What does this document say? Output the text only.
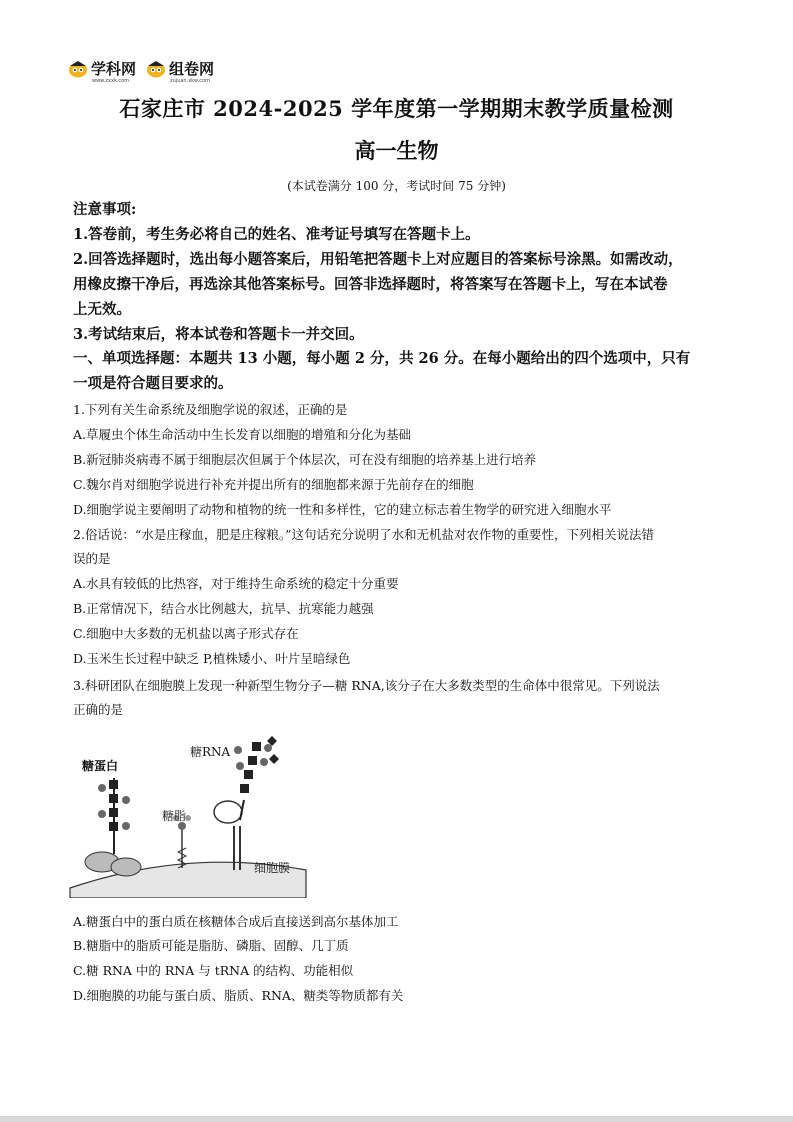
学科网
www.zxxk.com
组卷网
zujuan.xkw.com
石家庄市 2024-2025 学年度第一学期期末教学质量检测
高一生物
(本试卷满分 100 分，考试时间 75 分钟)
注意事项:
1.答卷前，考生务必将自己的姓名、准考证号填写在答题卡上。
2.回答选择题时，选出每小题答案后，用铅笔把答题卡上对应题目的答案标号涂黑。如需改动，
用橡皮擦干净后，再选涂其他答案标号。回答非选择题时，将答案写在答题卡上，写在本试卷
上无效。
3.考试结束后，将本试卷和答题卡一并交回。
一、单项选择题：本题共 13 小题，每小题 2 分，共 26 分。在每小题给出的四个选项中，只有
一项是符合题目要求的。
1.下列有关生命系统及细胞学说的叙述，正确的是
A.草履虫个体生命活动中生长发育以细胞的增殖和分化为基础
B.新冠肺炎病毒不属于细胞层次但属于个体层次，可在没有细胞的培养基上进行培养
C.魏尔肖对细胞学说进行补充并提出所有的细胞都来源于先前存在的细胞
D.细胞学说主要阐明了动物和植物的统一性和多样性，它的建立标志着生物学的研究进入细胞水平
2.俗话说：“水是庄稼血，肥是庄稼粮。”这句话充分说明了水和无机盐对农作物的重要性，下列相关说法错
误的是
A.水具有较低的比热容，对于维持生命系统的稳定十分重要
B.正常情况下，结合水比例越大，抗旱、抗寒能力越强
C.细胞中大多数的无机盐以离子形式存在
D.玉米生长过程中缺乏 P,植株矮小、叶片呈暗绿色
3.科研团队在细胞膜上发现一种新型生物分子—糖 RNA,该分子在大多数类型的生命体中很常见。下列说法
正确的是
糖蛋白
糖RNA
糖脂
细胞膜
A.糖蛋白中的蛋白质在核糖体合成后直接送到高尔基体加工
B.糖脂中的脂质可能是脂肪、磷脂、固醇、几丁质
C.糖 RNA 中的 RNA 与 tRNA 的结构、功能相似
D.细胞膜的功能与蛋白质、脂质、RNA、糖类等物质都有关
